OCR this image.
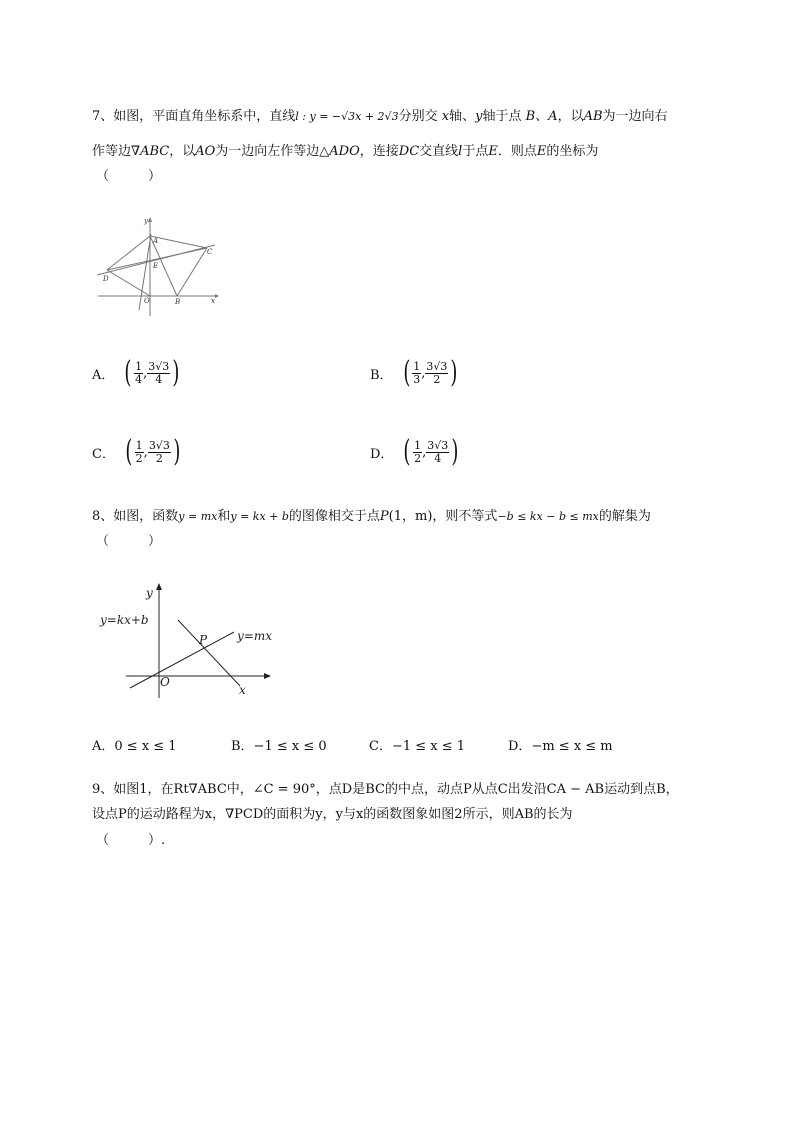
7、如图，平面直角坐标系中，直线l : y = −√3x + 2√3分别交 x轴、y轴于点 B、A，以AB为一边向右
作等边∇ABC，以AO为一边向左作等边△ADO，连接DC交直线l于点E．则点E的坐标为
（　　　）
y
A
C
E
D
O	B	x
A． ( $\frac{1}{4}$ , $\frac{3√3}{4}$ )	B． ( $\frac{1}{3}$ , $\frac{3√3}{2}$ )
C． ( $\frac{1}{2}$ , $\frac{3√3}{2}$ )	D． ( $\frac{1}{2}$ , $\frac{3√3}{4}$ )
8、如图，函数y = mx和y = kx + b的图像相交于点P(1，m)，则不等式−b ≤ kx − b ≤ mx的解集为
（　　　）
y
y=kx+b
P y=mx
O
x
A．0 ≤ x ≤ 1	B．−1 ≤ x ≤ 0	C．−1 ≤ x ≤ 1	D．−m ≤ x ≤ m
9、如图1，在Rt∇ABC中，∠C = 90°，点D是BC的中点，动点P从点C出发沿CA − AB运动到点B，
设点P的运动路程为x，∇PCD的面积为y，y与x的函数图象如图2所示，则AB的长为
（　　　）.
